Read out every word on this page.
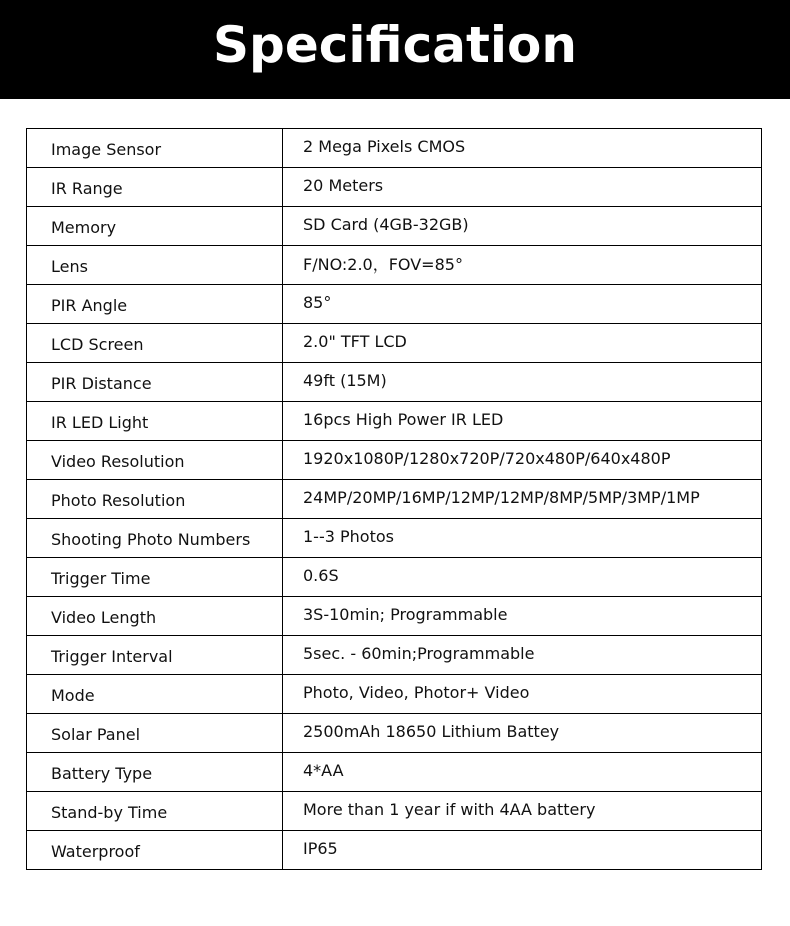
Specification
Image Sensor	2 Mega Pixels CMOS
IR Range	20 Meters
Memory	SD Card (4GB-32GB)
Lens	F/NO:2.0，FOV=85°
PIR Angle	85°
LCD Screen	2.0" TFT LCD
PIR Distance	49ft (15M)
IR LED Light	16pcs High Power IR LED
Video Resolution	1920x1080P/1280x720P/720x480P/640x480P
Photo Resolution	24MP/20MP/16MP/12MP/12MP/8MP/5MP/3MP/1MP
Shooting Photo Numbers	1--3 Photos
Trigger Time	0.6S
Video Length	3S-10min; Programmable
Trigger Interval	5sec. - 60min;Programmable
Mode	Photo, Video, Photor+ Video
Solar Panel	2500mAh 18650 Lithium Battey
Battery Type	4*AA
Stand-by Time	More than 1 year if with 4AA battery
Waterproof	IP65
